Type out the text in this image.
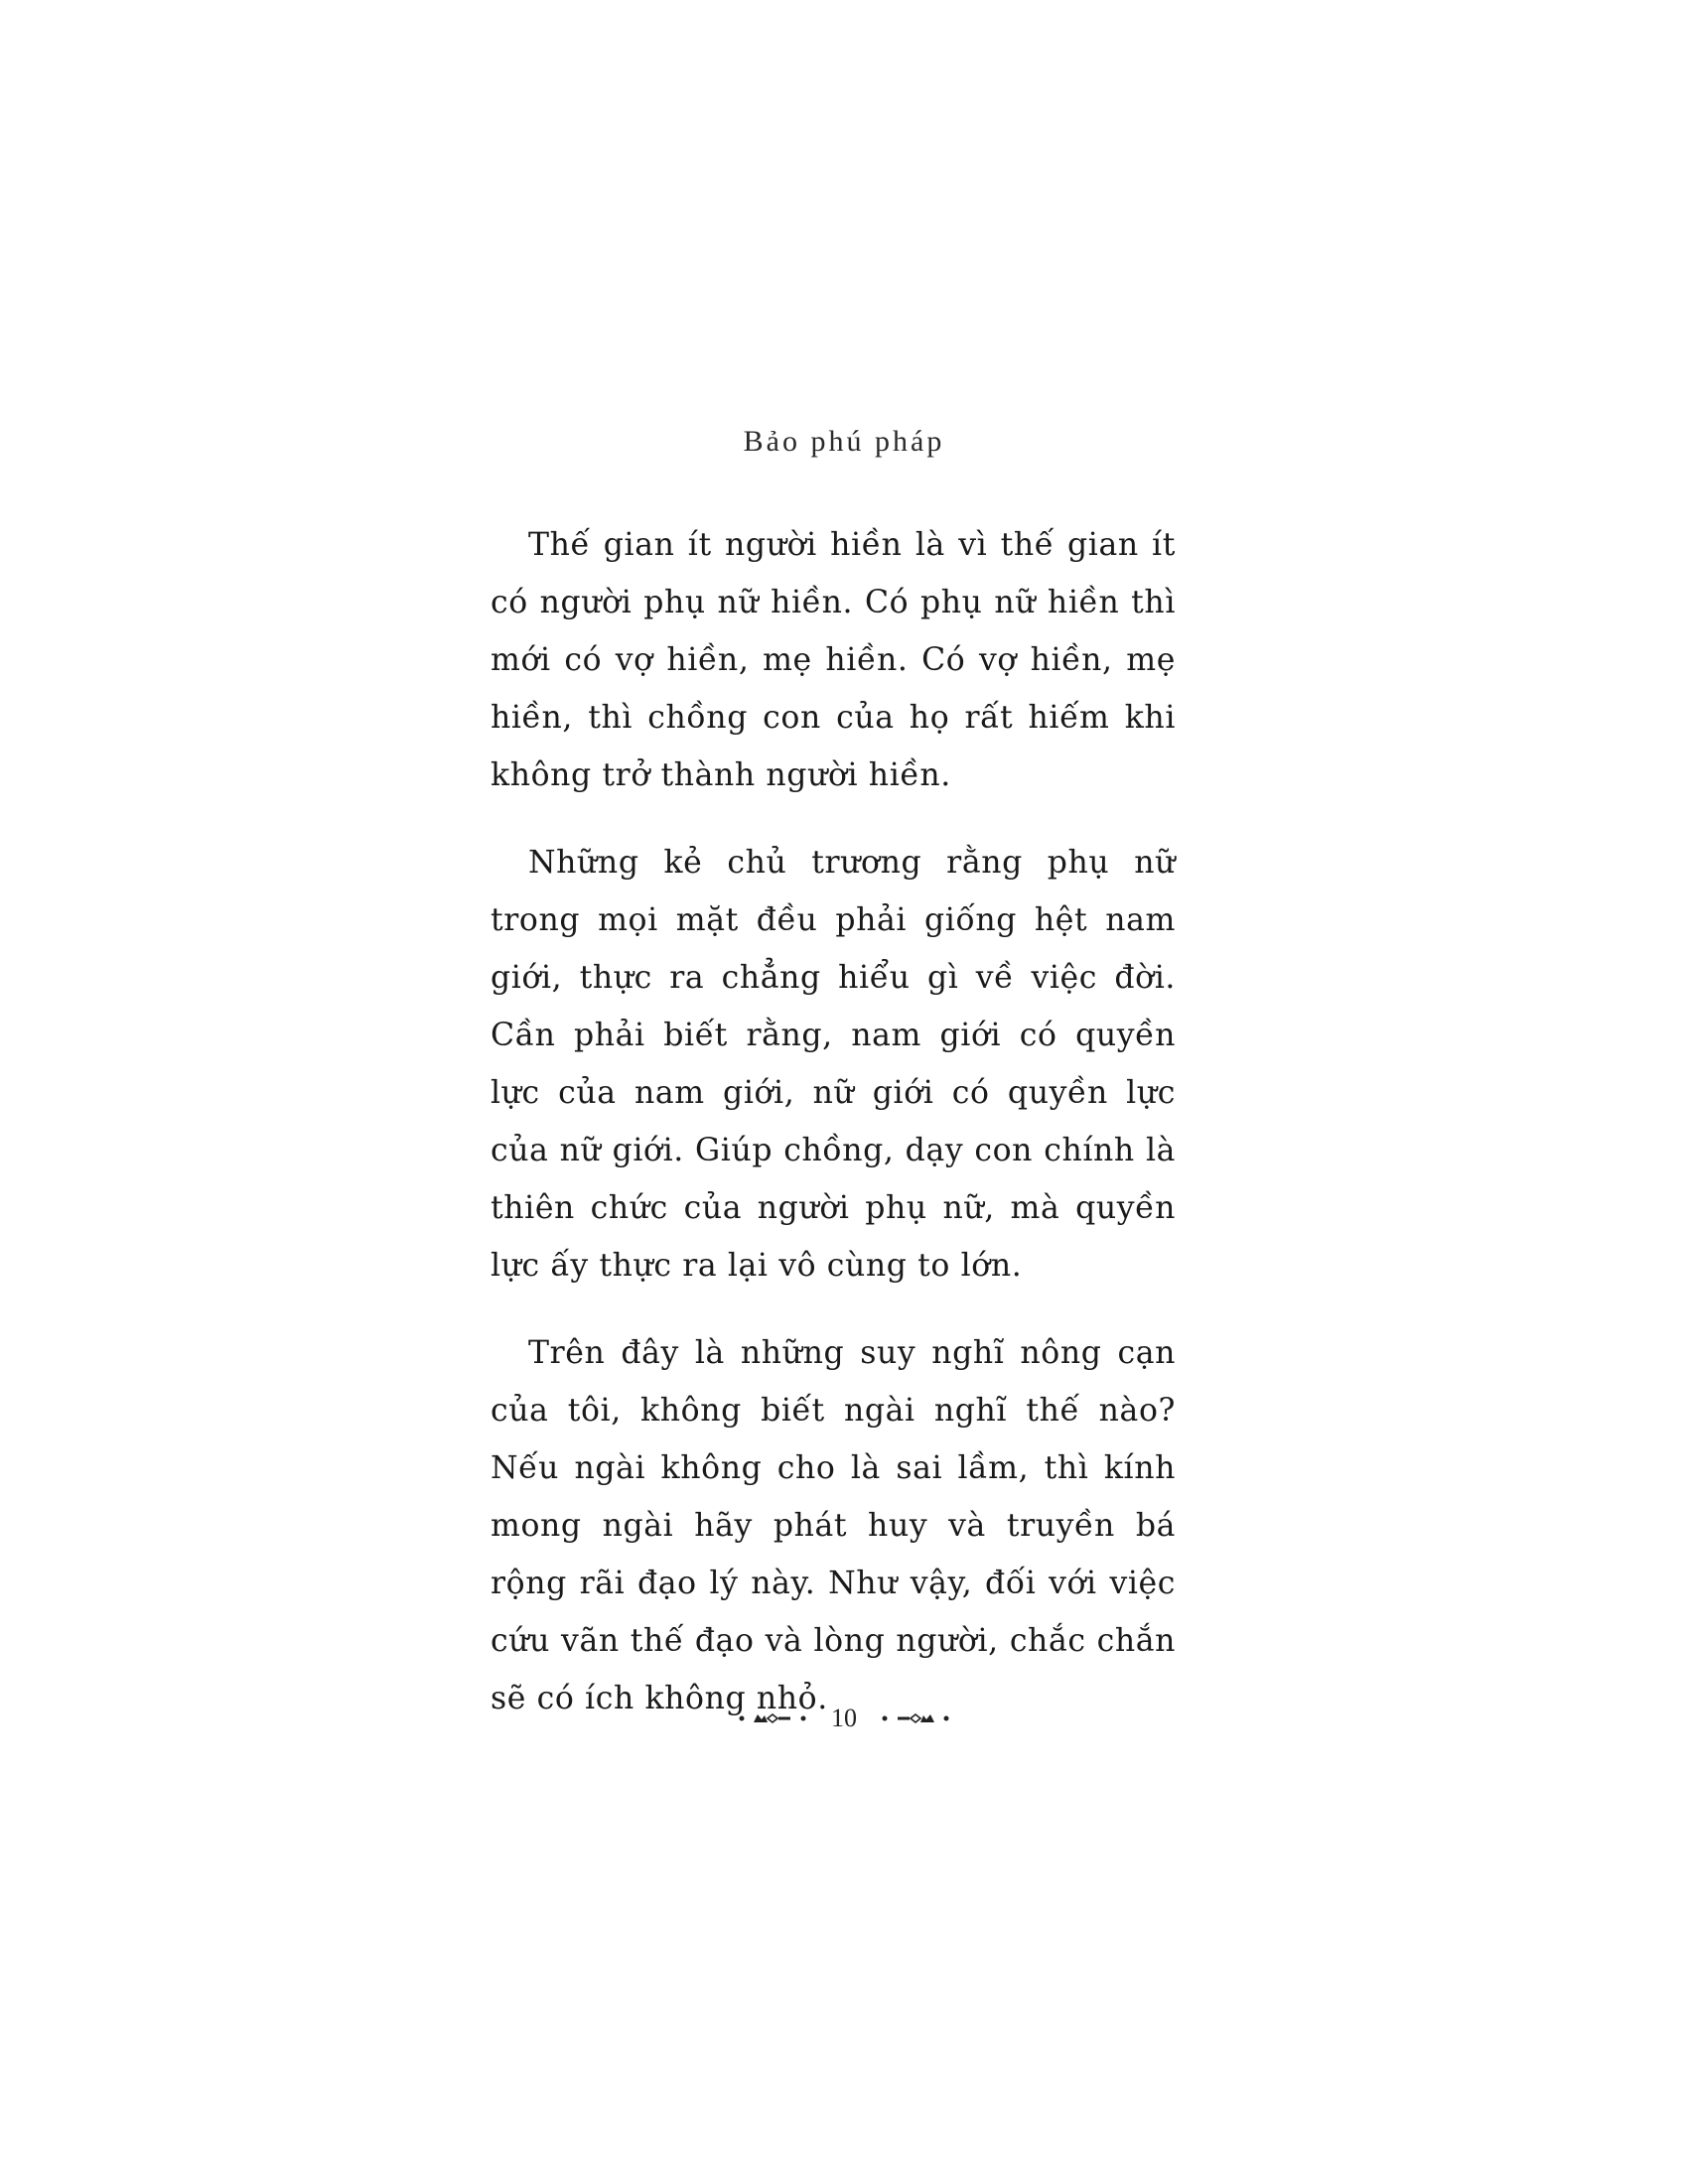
Bảo phú pháp

Thế gian ít người hiền là vì thế gian ít có người phụ nữ hiền. Có phụ nữ hiền thì mới có vợ hiền, mẹ hiền. Có vợ hiền, mẹ hiền, thì chồng con của họ rất hiếm khi không trở thành người hiền.

Những kẻ chủ trương rằng phụ nữ trong mọi mặt đều phải giống hệt nam giới, thực ra chẳng hiểu gì về việc đời. Cần phải biết rằng, nam giới có quyền lực của nam giới, nữ giới có quyền lực của nữ giới. Giúp chồng, dạy con chính là thiên chức của người phụ nữ, mà quyền lực ấy thực ra lại vô cùng to lớn.

Trên đây là những suy nghĩ nông cạn của tôi, không biết ngài nghĩ thế nào? Nếu ngài không cho là sai lầm, thì kính mong ngài hãy phát huy và truyền bá rộng rãi đạo lý này. Như vậy, đối với việc cứu vãn thế đạo và lòng người, chắc chắn sẽ có ích không nhỏ.

10
